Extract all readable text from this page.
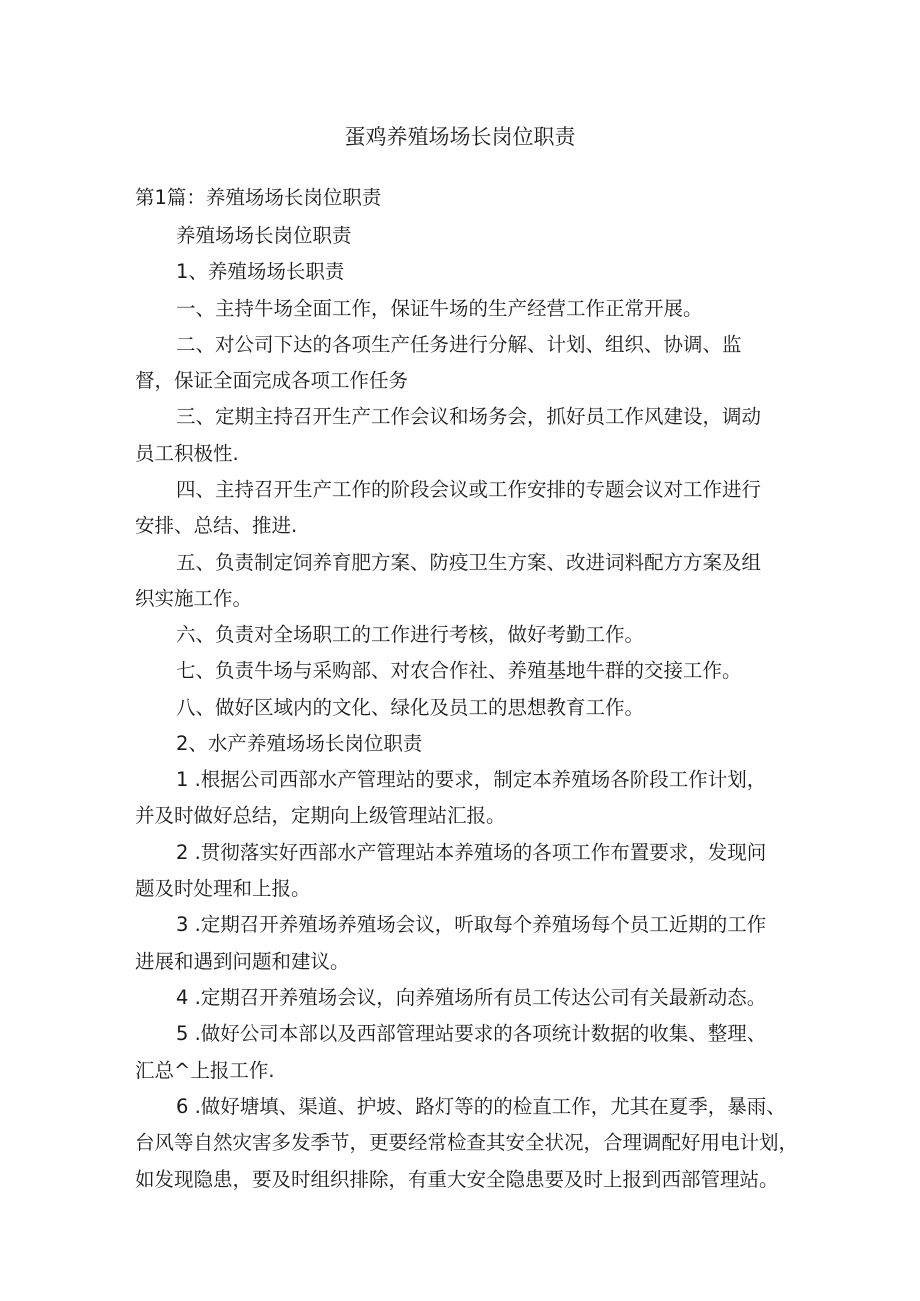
蛋鸡养殖场场长岗位职责
第1篇：养殖场场长岗位职责
养殖场场长岗位职责
1、养殖场场长职责
一、主持牛场全面工作，保证牛场的生产经营工作正常开展。
二、对公司下达的各项生产任务进行分解、计划、组织、协调、监
督，保证全面完成各项工作任务
三、定期主持召开生产工作会议和场务会，抓好员工作风建设，调动
员工积极性.
四、主持召开生产工作的阶段会议或工作安排的专题会议对工作进行
安排、总结、推进.
五、负责制定饲养育肥方案、防疫卫生方案、改进词料配方方案及组
织实施工作。
六、负责对全场职工的工作进行考核，做好考勤工作。
七、负责牛场与采购部、对农合作社、养殖基地牛群的交接工作。
八、做好区域内的文化、绿化及员工的思想教育工作。
2、水产养殖场场长岗位职责
1 .根据公司西部水产管理站的要求，制定本养殖场各阶段工作计划，
并及时做好总结，定期向上级管理站汇报。
2 .贯彻落实好西部水产管理站本养殖场的各项工作布置要求，发现问
题及时处理和上报。
3 .定期召开养殖场养殖场会议，听取每个养殖场每个员工近期的工作
进展和遇到问题和建议。
4 .定期召开养殖场会议，向养殖场所有员工传达公司有关最新动态。
5 .做好公司本部以及西部管理站要求的各项统计数据的收集、整理、
汇总^上报工作.
6 .做好塘填、渠道、护坡、路灯等的的检直工作，尤其在夏季，暴雨、
台风等自然灾害多发季节，更要经常检查其安全状况，合理调配好用电计划，
如发现隐患，要及时组织排除，有重大安全隐患要及时上报到西部管理站。
